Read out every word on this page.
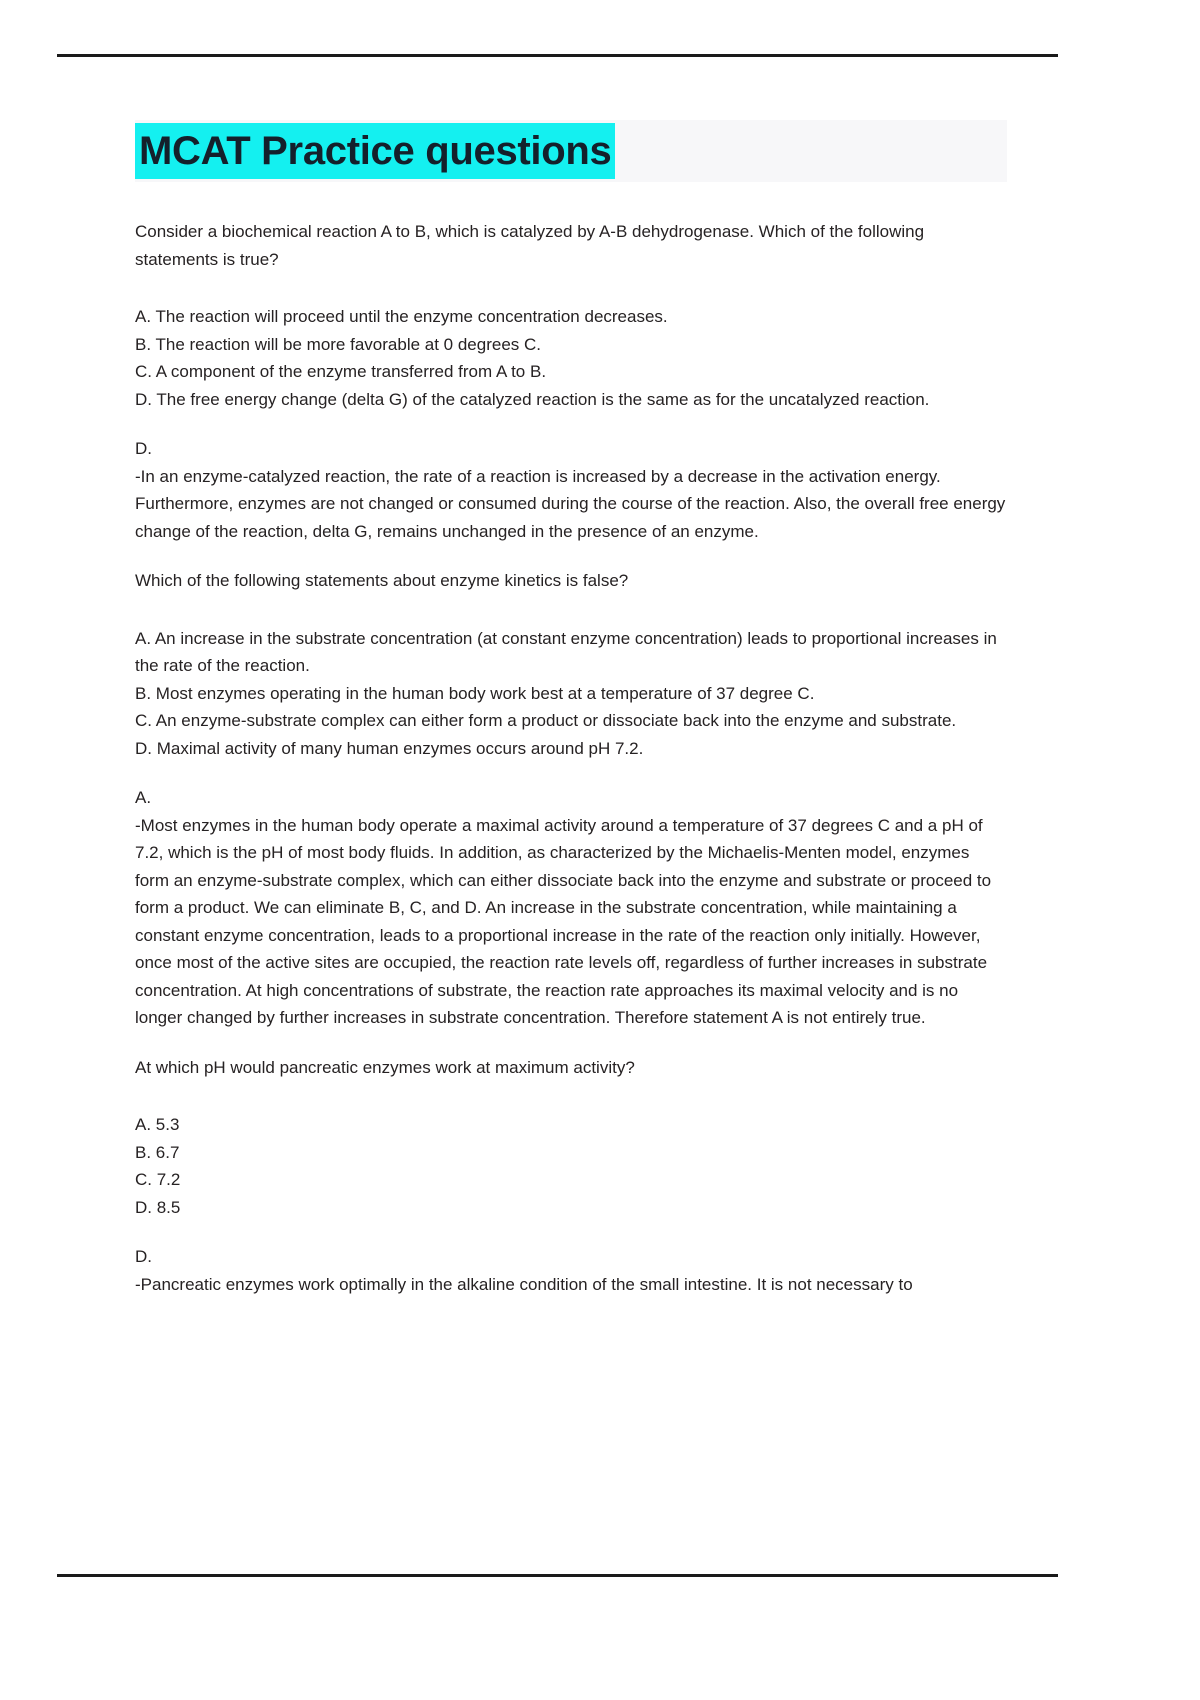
MCAT Practice questions

Consider a biochemical reaction A to B, which is catalyzed by A-B dehydrogenase. Which of the following statements is true?

A. The reaction will proceed until the enzyme concentration decreases.
B. The reaction will be more favorable at 0 degrees C.
C. A component of the enzyme transferred from A to B.
D. The free energy change (delta G) of the catalyzed reaction is the same as for the uncatalyzed reaction.

D.

-In an enzyme-catalyzed reaction, the rate of a reaction is increased by a decrease in the activation energy. Furthermore, enzymes are not changed or consumed during the course of the reaction. Also, the overall free energy change of the reaction, delta G, remains unchanged in the presence of an enzyme.

Which of the following statements about enzyme kinetics is false?

A. An increase in the substrate concentration (at constant enzyme concentration) leads to proportional increases in the rate of the reaction.
B. Most enzymes operating in the human body work best at a temperature of 37 degree C.
C. An enzyme-substrate complex can either form a product or dissociate back into the enzyme and substrate.
D. Maximal activity of many human enzymes occurs around pH 7.2.

A.

-Most enzymes in the human body operate a maximal activity around a temperature of 37 degrees C and a pH of 7.2, which is the pH of most body fluids. In addition, as characterized by the Michaelis-Menten model, enzymes form an enzyme-substrate complex, which can either dissociate back into the enzyme and substrate or proceed to form a product. We can eliminate B, C, and D. An increase in the substrate concentration, while maintaining a constant enzyme concentration, leads to a proportional increase in the rate of the reaction only initially. However, once most of the active sites are occupied, the reaction rate levels off, regardless of further increases in substrate concentration. At high concentrations of substrate, the reaction rate approaches its maximal velocity and is no longer changed by further increases in substrate concentration. Therefore statement A is not entirely true.

At which pH would pancreatic enzymes work at maximum activity?

A. 5.3
B. 6.7
C. 7.2
D. 8.5

D.

-Pancreatic enzymes work optimally in the alkaline condition of the small intestine. It is not necessary to
